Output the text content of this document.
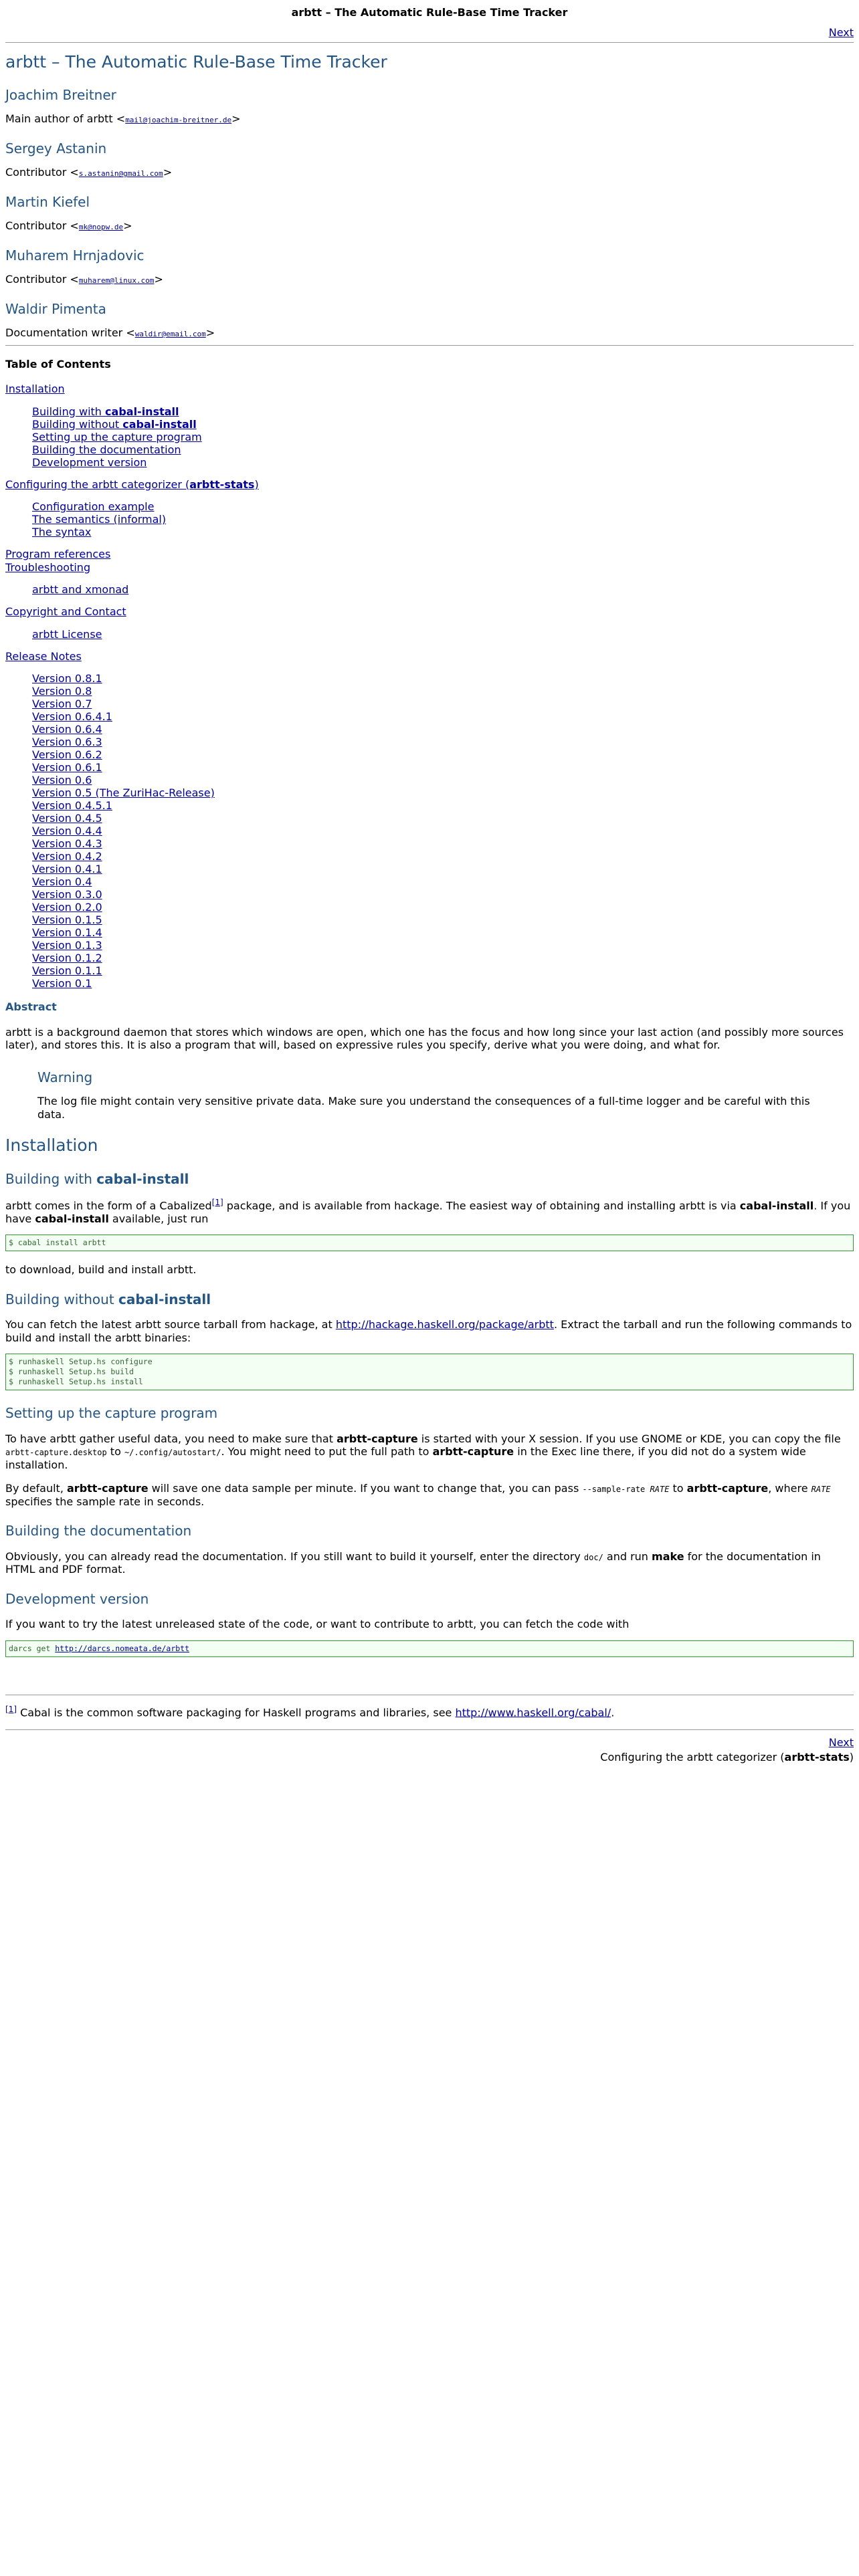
arbtt – The Automatic Rule-Base Time Tracker
Next
arbtt – The Automatic Rule-Base Time Tracker
Joachim Breitner

Main author of arbtt <mail@joachim-breitner.de>

Sergey Astanin

Contributor <s.astanin@gmail.com>

Martin Kiefel

Contributor <mk@nopw.de>

Muharem Hrnjadovic

Contributor <muharem@linux.com>

Waldir Pimenta

Documentation writer <waldir@email.com>

Table of Contents

Installation
Building with cabal-install
Building without cabal-install
Setting up the capture program
Building the documentation
Development version
Configuring the arbtt categorizer (arbtt-stats)
Configuration example
The semantics (informal)
The syntax
Program references
Troubleshooting
arbtt and xmonad
Copyright and Contact
arbtt License
Release Notes
Version 0.8.1
Version 0.8
Version 0.7
Version 0.6.4.1
Version 0.6.4
Version 0.6.3
Version 0.6.2
Version 0.6.1
Version 0.6
Version 0.5 (The ZuriHac-Release)
Version 0.4.5.1
Version 0.4.5
Version 0.4.4
Version 0.4.3
Version 0.4.2
Version 0.4.1
Version 0.4
Version 0.3.0
Version 0.2.0
Version 0.1.5
Version 0.1.4
Version 0.1.3
Version 0.1.2
Version 0.1.1
Version 0.1

Abstract

arbtt is a background daemon that stores which windows are open, which one has the focus and how long since your last action (and possibly more sources later), and stores this. It is also a program that will, based on expressive rules you specify, derive what you were doing, and what for.

Warning

The log file might contain very sensitive private data. Make sure you understand the consequences of a full-time logger and be careful with this data.

Installation
Building with cabal-install

arbtt comes in the form of a Cabalized[1] package, and is available from hackage. The easiest way of obtaining and installing arbtt is via cabal-install. If you have cabal-install available, just run

$ cabal install arbtt

to download, build and install arbtt.

Building without cabal-install

You can fetch the latest arbtt source tarball from hackage, at http://hackage.haskell.org/package/arbtt. Extract the tarball and run the following commands to build and install the arbtt binaries:

$ runhaskell Setup.hs configure
$ runhaskell Setup.hs build
$ runhaskell Setup.hs install
Setting up the capture program

To have arbtt gather useful data, you need to make sure that arbtt-capture is started with your X session. If you use GNOME or KDE, you can copy the file arbtt-capture.desktop to ~/.config/autostart/. You might need to put the full path to arbtt-capture in the Exec line there, if you did not do a system wide installation.

By default, arbtt-capture will save one data sample per minute. If you want to change that, you can pass --sample-rate RATE to arbtt-capture, where RATE specifies the sample rate in seconds.

Building the documentation

Obviously, you can already read the documentation. If you still want to build it yourself, enter the directory doc/ and run make for the documentation in HTML and PDF format.

Development version

If you want to try the latest unreleased state of the code, or want to contribute to arbtt, you can fetch the code with

darcs get http://darcs.nomeata.de/arbtt

[1] Cabal is the common software packaging for Haskell programs and libraries, see http://www.haskell.org/cabal/.

Next
Configuring the arbtt categorizer (arbtt-stats)
